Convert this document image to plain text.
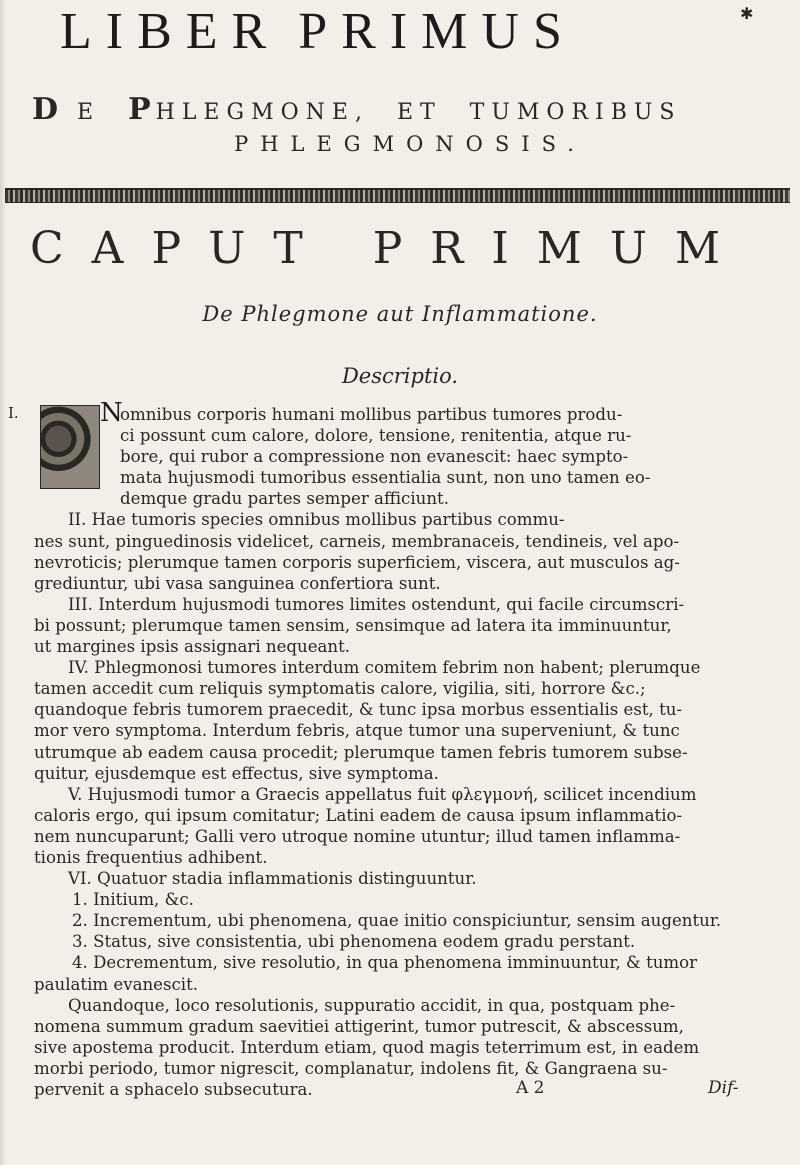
LIBER PRIMUS	✱
D E PHLEGMONE, ET TUMORIBUS
PHLEGMONOSIS.
CAPUT PRIMUM
De Phlegmone aut Inflammatione.
Descriptio.
I.	N
omnibus corporis humani mollibus partibus tumores produ-
ci possunt cum calore, dolore, tensione, renitentia, atque ru-
bore, qui rubor a compressione non evanescit: haec sympto-
mata hujusmodi tumoribus essentialia sunt, non uno tamen eo-
demque gradu partes semper afficiunt.
II. Hae tumoris species omnibus mollibus partibus commu-
nes sunt, pinguedinosis videlicet, carneis, membranaceis, tendineis, vel apo-
nevroticis; plerumque tamen corporis superficiem, viscera, aut musculos ag-
grediuntur, ubi vasa sanguinea confertiora sunt.
III. Interdum hujusmodi tumores limites ostendunt, qui facile circumscri-
bi possunt; plerumque tamen sensim, sensimque ad latera ita imminuuntur,
ut margines ipsis assignari nequeant.
IV. Phlegmonosi tumores interdum comitem febrim non habent; plerumque
tamen accedit cum reliquis symptomatis calore, vigilia, siti, horrore &c.;
quandoque febris tumorem praecedit, & tunc ipsa morbus essentialis est, tu-
mor vero symptoma. Interdum febris, atque tumor una superveniunt, & tunc
utrumque ab eadem causa procedit; plerumque tamen febris tumorem subse-
quitur, ejusdemque est effectus, sive symptoma.
V. Hujusmodi tumor a Graecis appellatus fuit φλεγμονή, scilicet incendium
caloris ergo, qui ipsum comitatur; Latini eadem de causa ipsum inflammatio-
nem nuncuparunt; Galli vero utroque nomine utuntur; illud tamen inflamma-
tionis frequentius adhibent.
VI. Quatuor stadia inflammationis distinguuntur.
1. Initium, &c.
2. Incrementum, ubi phenomena, quae initio conspiciuntur, sensim augentur.
3. Status, sive consistentia, ubi phenomena eodem gradu perstant.
4. Decrementum, sive resolutio, in qua phenomena imminuuntur, & tumor
paulatim evanescit.
Quandoque, loco resolutionis, suppuratio accidit, in qua, postquam phe-
nomena summum gradum saevitiei attigerint, tumor putrescit, & abscessum,
sive apostema producit. Interdum etiam, quod magis teterrimum est, in eadem
morbi periodo, tumor nigrescit, complanatur, indolens fit, & Gangraena su-
pervenit a sphacelo subsecutura.	A 2	Dif-
